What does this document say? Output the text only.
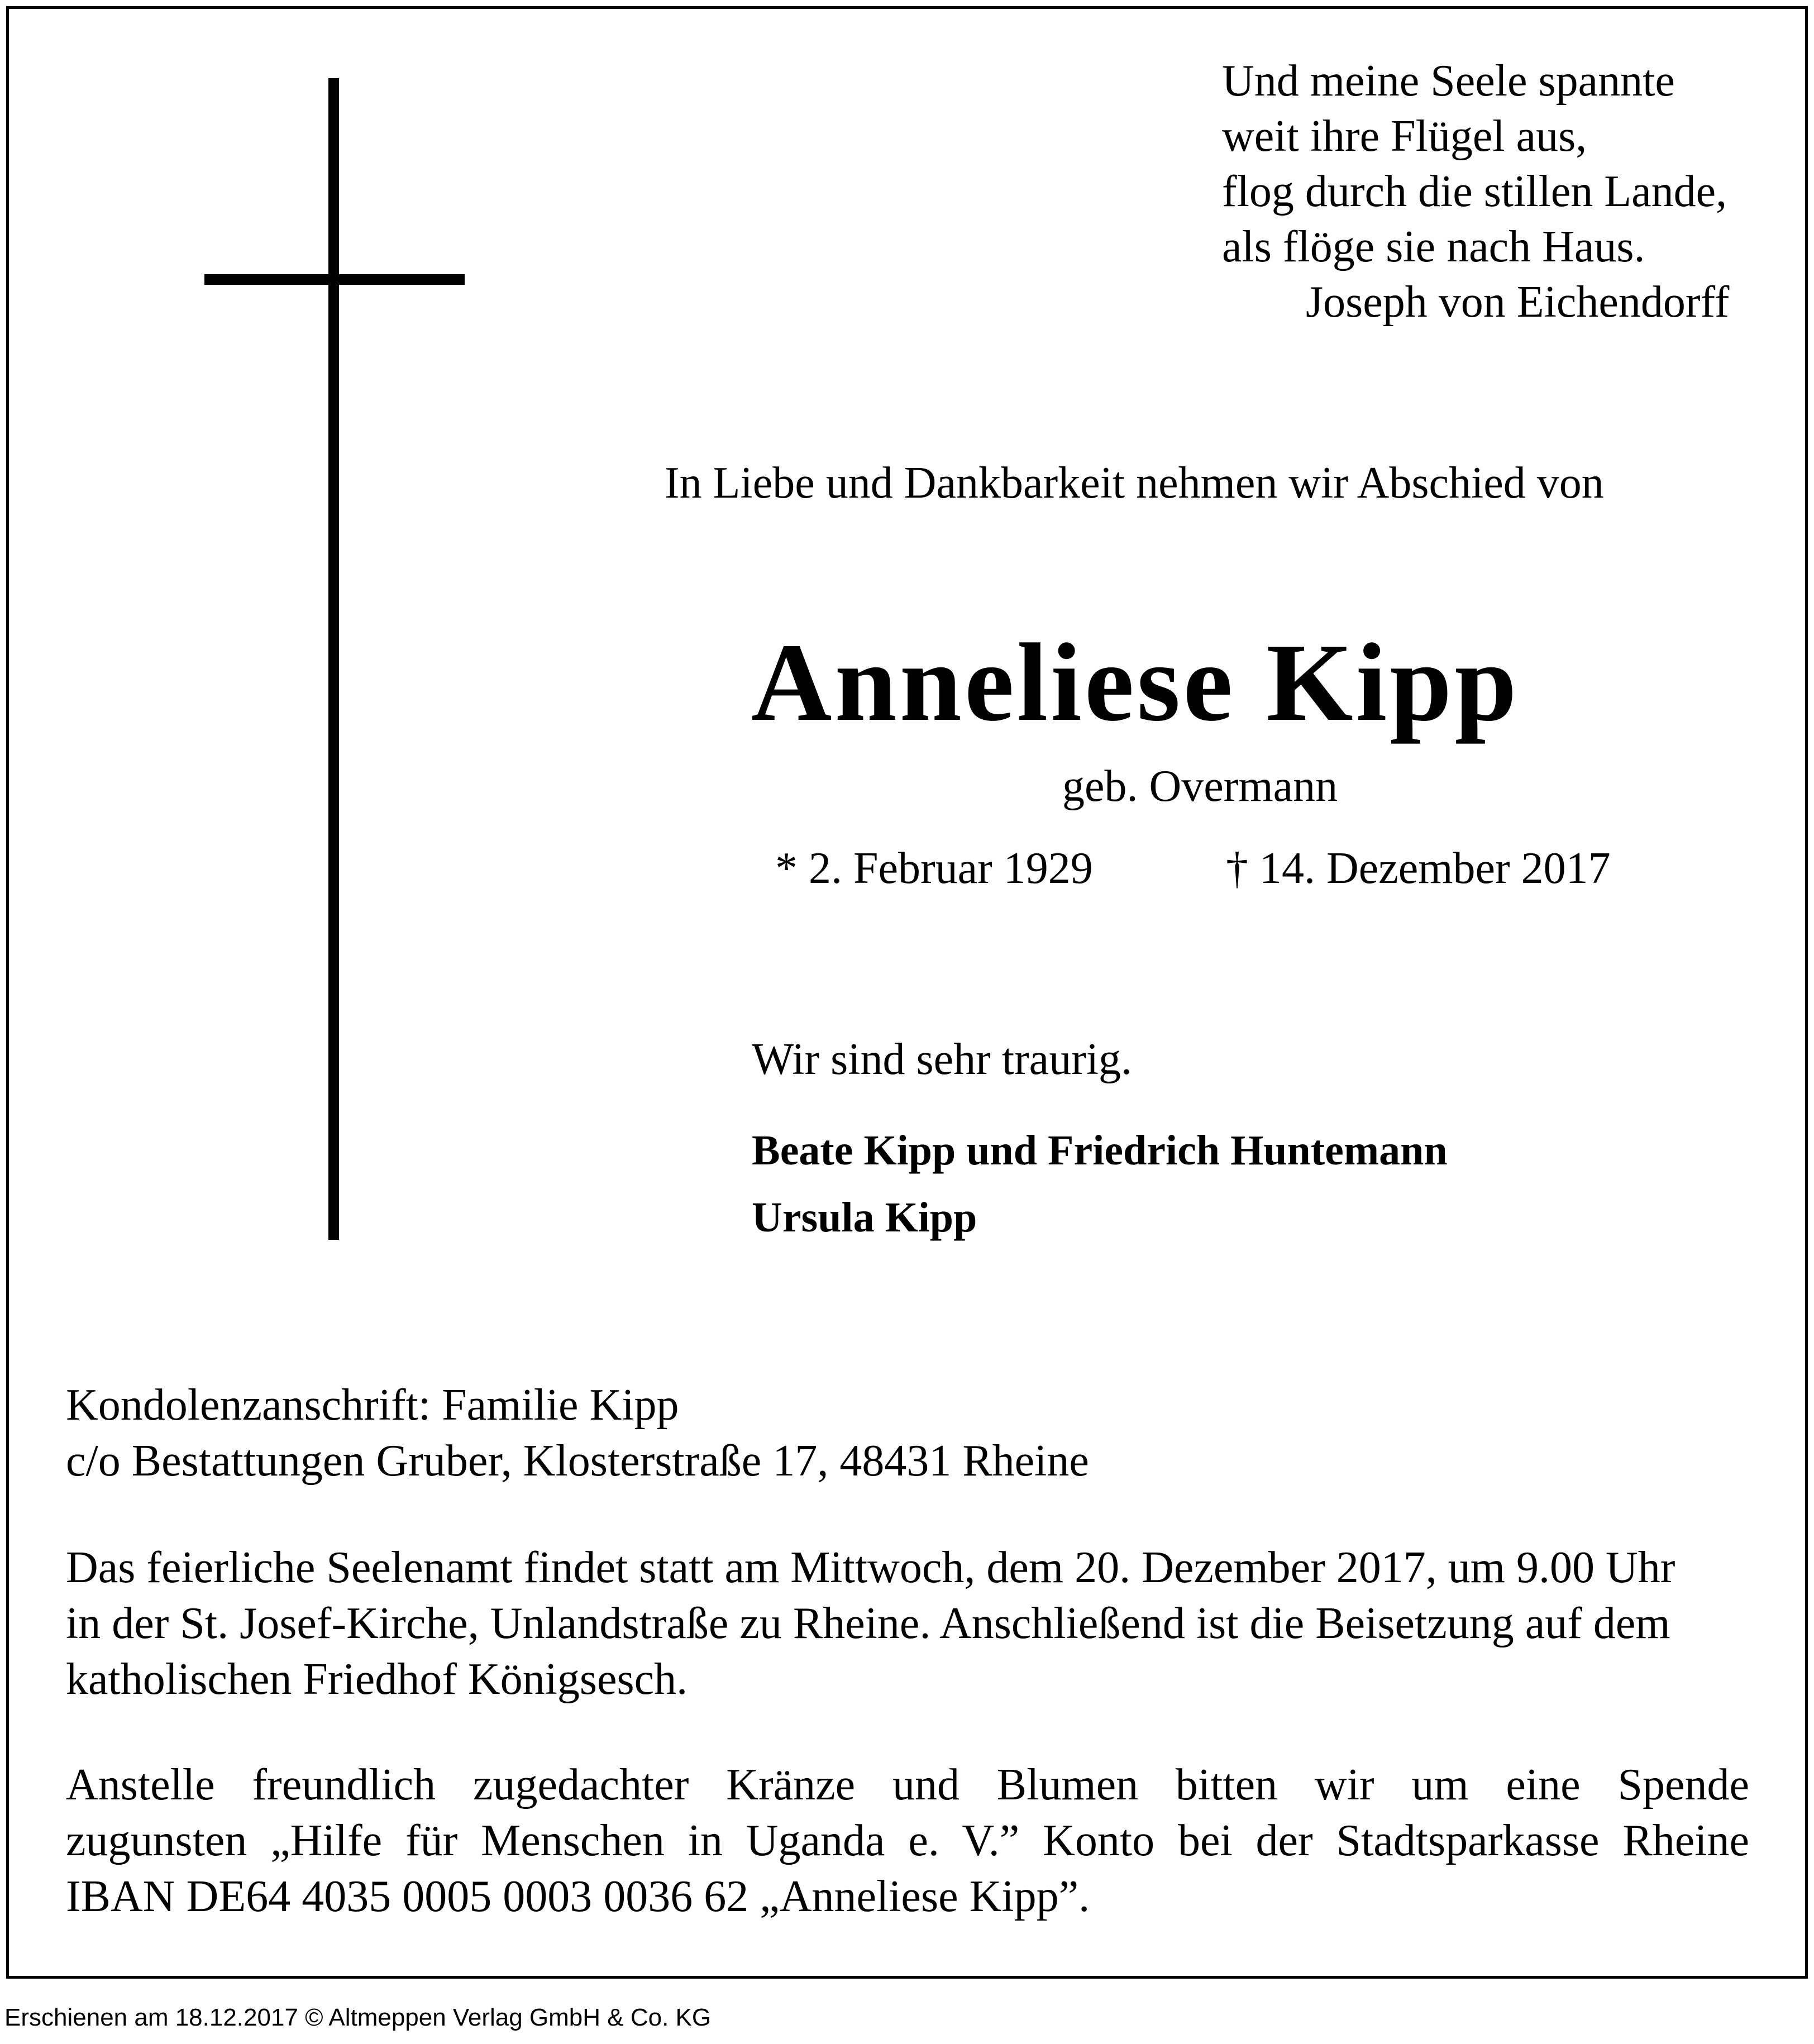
Und meine Seele spannte
weit ihre Flügel aus,
flog durch die stillen Lande,
als flöge sie nach Haus.
Joseph von Eichendorff
In Liebe und Dankbarkeit nehmen wir Abschied von
Anneliese Kipp
geb. Overmann
* 2. Februar 1929	† 14. Dezember 2017
Wir sind sehr traurig.
Beate Kipp und Friedrich Huntemann
Ursula Kipp
Kondolenzanschrift: Familie Kipp
c/o Bestattungen Gruber, Klosterstraße 17, 48431 Rheine
Das feierliche Seelenamt findet statt am Mittwoch, dem 20. Dezember 2017, um 9.00 Uhr
in der St. Josef-Kirche, Unlandstraße zu Rheine. Anschließend ist die Beisetzung auf dem
katholischen Friedhof Königsesch.
Anstelle freundlich zugedachter Kränze und Blumen bitten wir um eine Spende
zugunsten „Hilfe für Menschen in Uganda e. V.” Konto bei der Stadtsparkasse Rheine
IBAN DE64 4035 0005 0003 0036 62 „Anneliese Kipp”.
Erschienen am 18.12.2017 © Altmeppen Verlag GmbH & Co. KG
